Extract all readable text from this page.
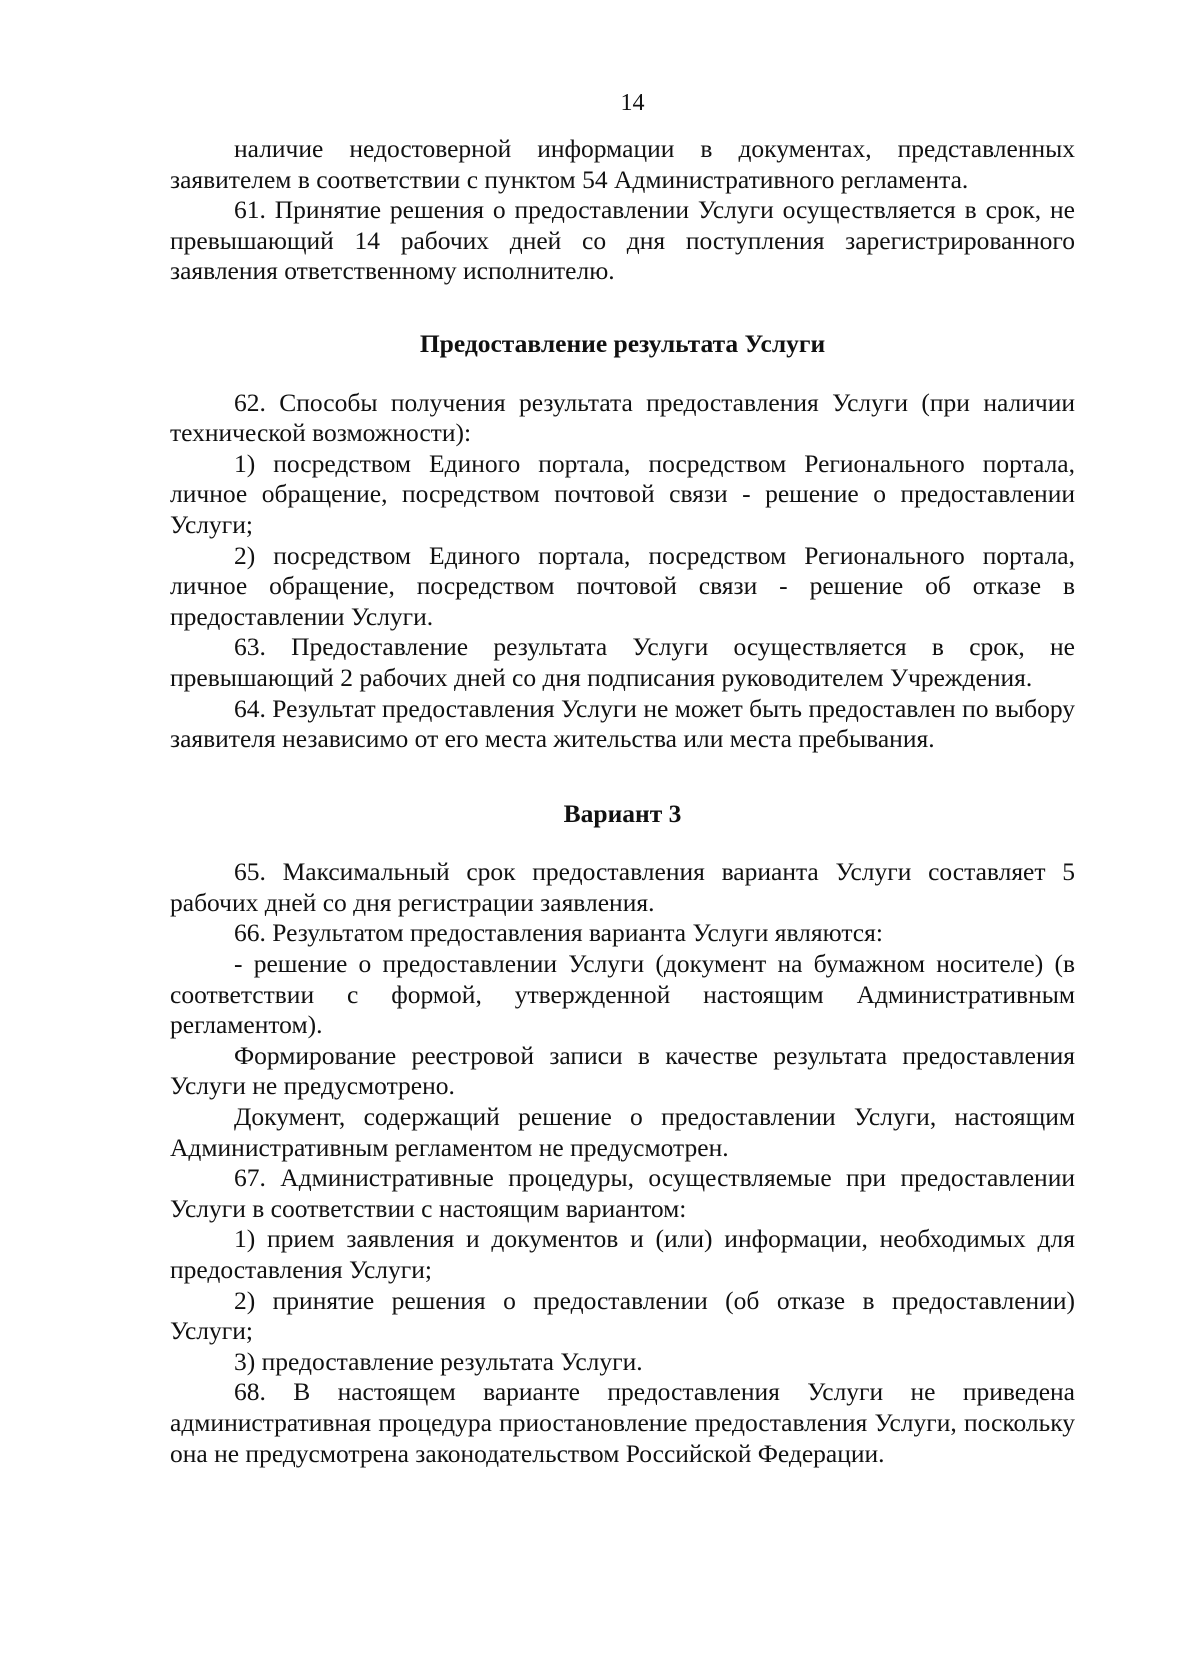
14

наличие недостоверной информации в документах, представленных заявителем в соответствии с пунктом 54 Административного регламента.

61. Принятие решения о предоставлении Услуги осуществляется в срок, не превышающий 14 рабочих дней со дня поступления зарегистрированного заявления ответственному исполнителю.

Предоставление результата Услуги

62. Способы получения результата предоставления Услуги (при наличии технической возможности):

1) посредством Единого портала, посредством Регионального портала, личное обращение, посредством почтовой связи - решение о предоставлении Услуги;

2) посредством Единого портала, посредством Регионального портала, личное обращение, посредством почтовой связи - решение об отказе в предоставлении Услуги.

63. Предоставление результата Услуги осуществляется в срок, не превышающий 2 рабочих дней со дня подписания руководителем Учреждения.

64. Результат предоставления Услуги не может быть предоставлен по выбору заявителя независимо от его места жительства или места пребывания.

Вариант 3

65. Максимальный срок предоставления варианта Услуги составляет 5 рабочих дней со дня регистрации заявления.

66. Результатом предоставления варианта Услуги являются:

- решение о предоставлении Услуги (документ на бумажном носителе) (в соответствии с формой, утвержденной настоящим Административным регламентом).

Формирование реестровой записи в качестве результата предоставления Услуги не предусмотрено.

Документ, содержащий решение о предоставлении Услуги, настоящим Административным регламентом не предусмотрен.

67. Административные процедуры, осуществляемые при предоставлении Услуги в соответствии с настоящим вариантом:

1) прием заявления и документов и (или) информации, необходимых для предоставления Услуги;

2) принятие решения о предоставлении (об отказе в предоставлении) Услуги;

3) предоставление результата Услуги.

68. В настоящем варианте предоставления Услуги не приведена административная процедура приостановление предоставления Услуги, поскольку она не предусмотрена законодательством Российской Федерации.
